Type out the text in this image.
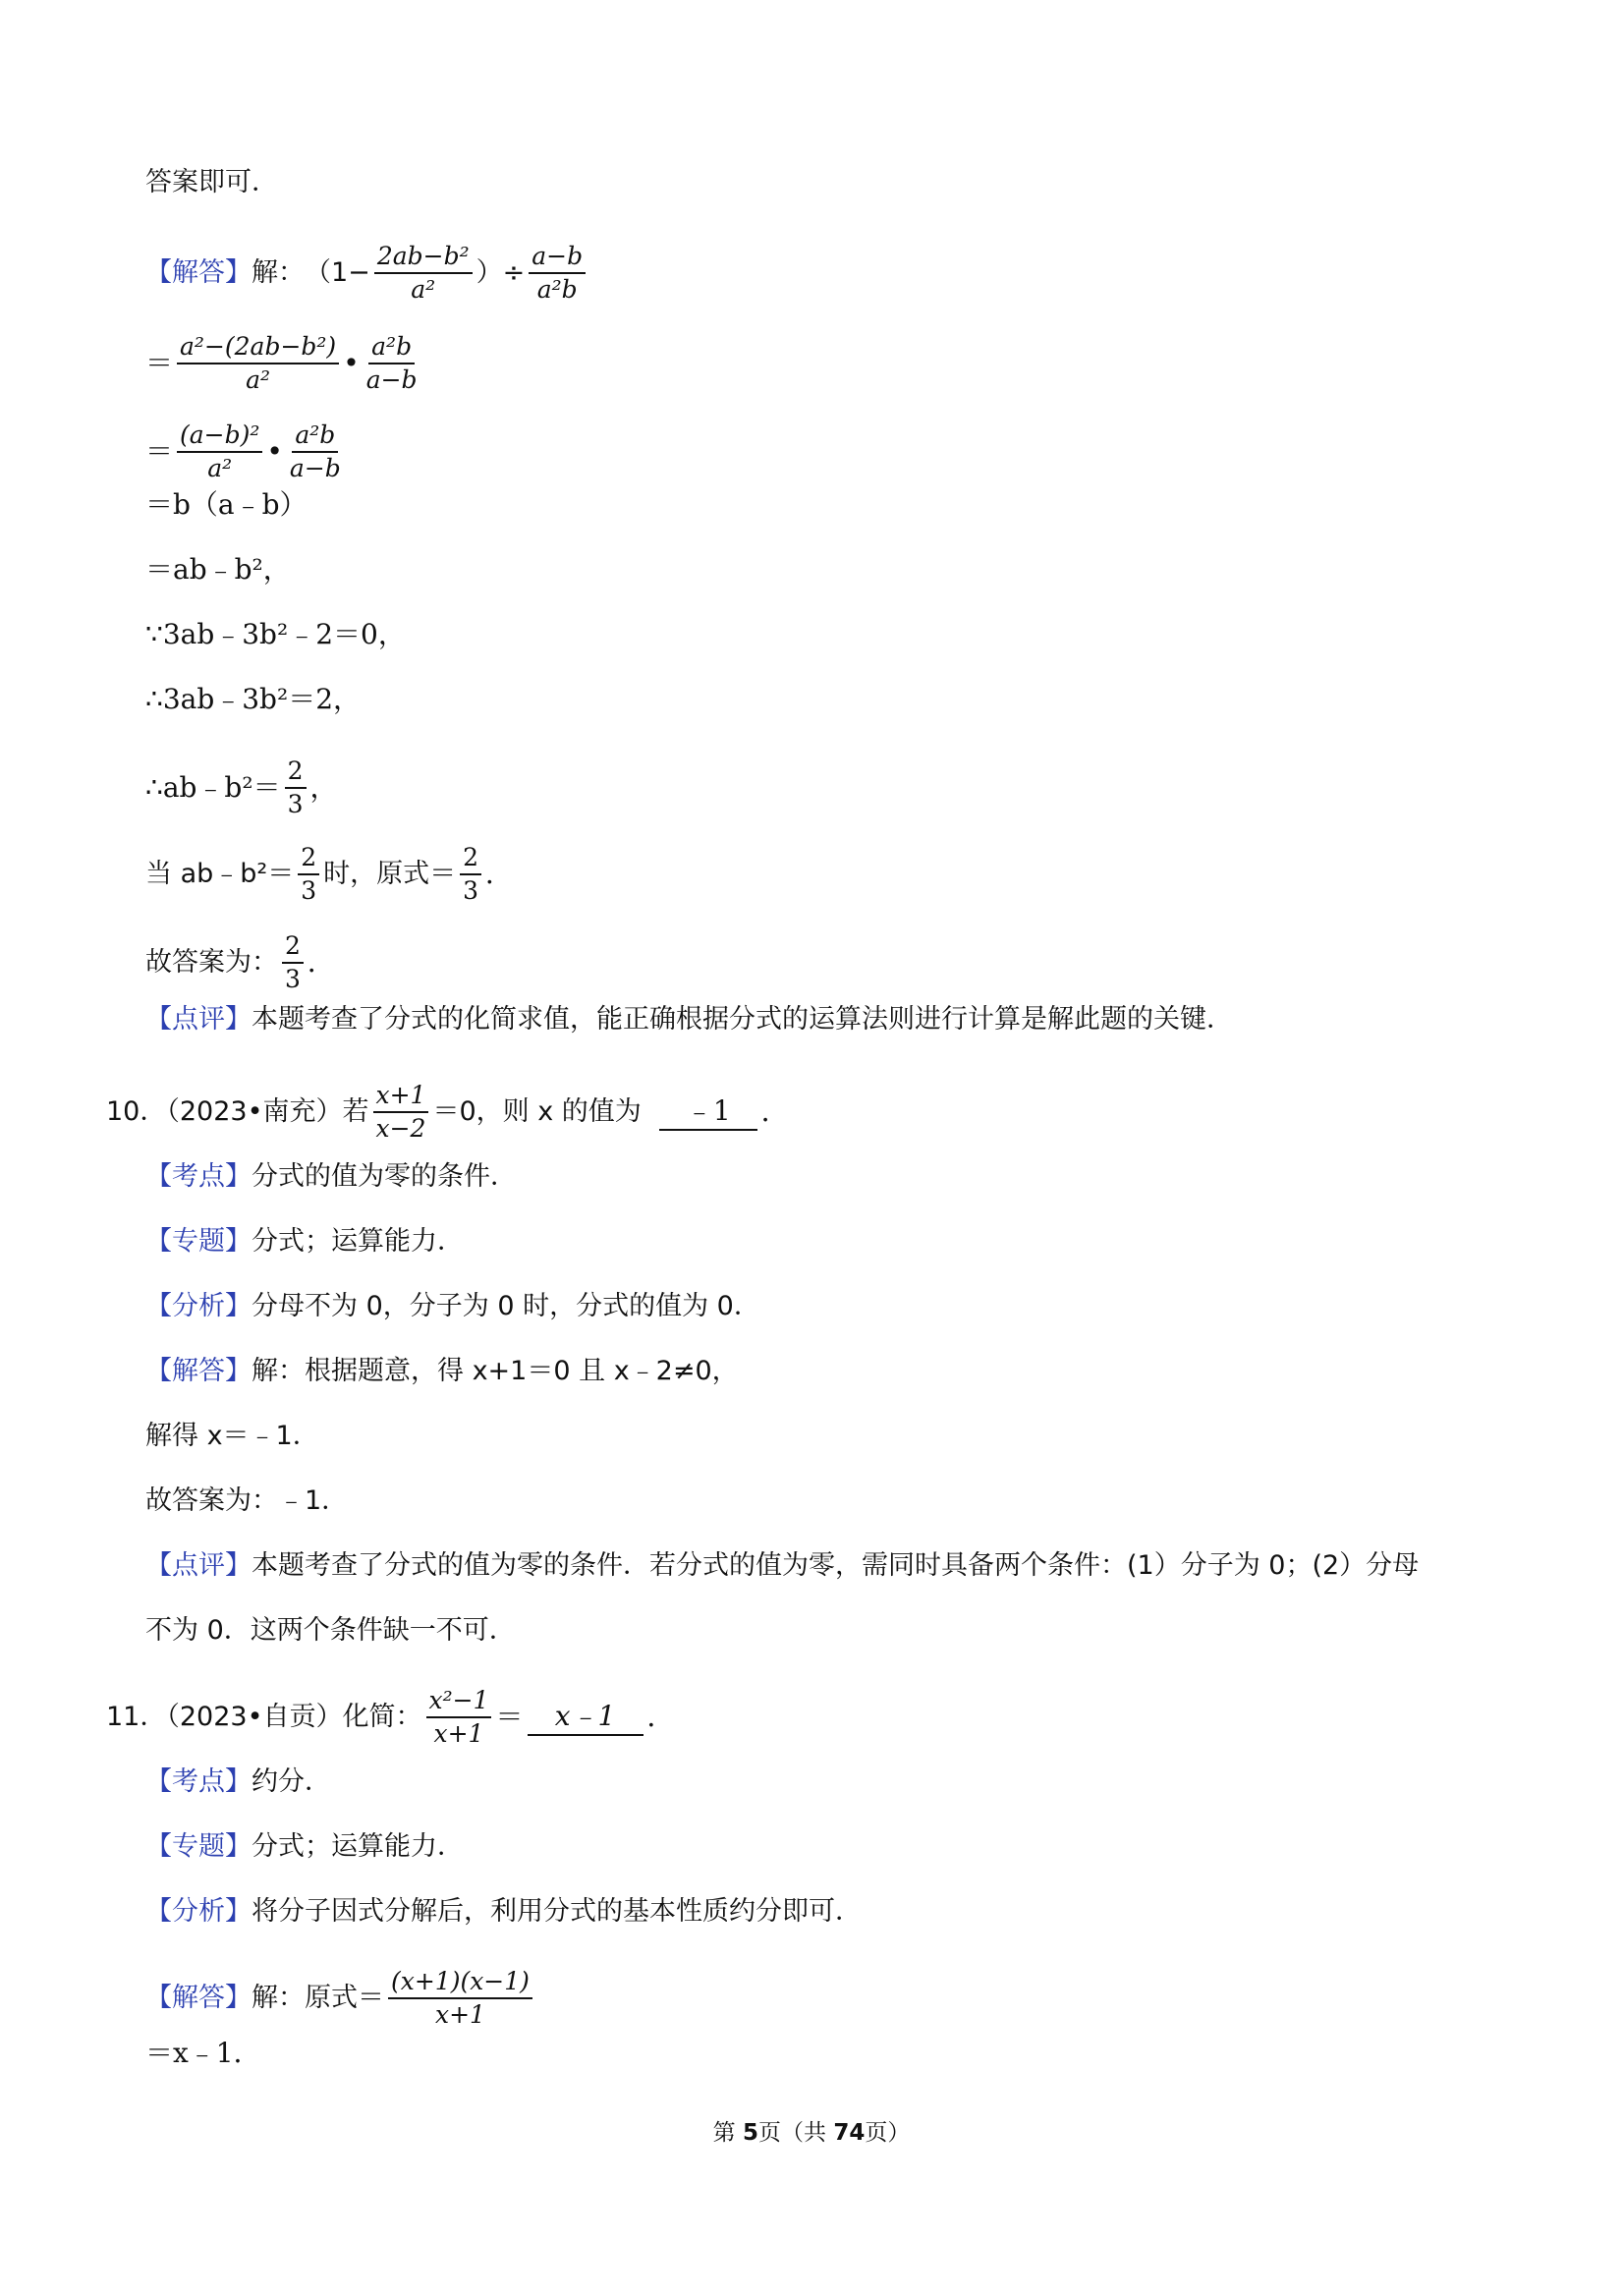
答案即可．
【解答】 解： （$1- \frac{\text{2ab−b²}}{\text{a²}}$ ）÷ $\frac{a-b}{\text{a²b}}$
＝ $\frac{\text{a²−(2ab−b²)}}{\text{a²}}$ • $\frac{\text{a²b}}{a-b}$
＝ $\frac{\text{(a−b)²}}{\text{a²}}$ • $\frac{\text{a²b}}{a-b}$
＝b（a﹣b）
＝ab﹣b²，
∵3ab﹣3b²﹣2＝0，
∴3ab﹣3b²＝2，
∴ab﹣b²＝ $\frac{2}{3}$ ，
当 ab﹣b²＝ $\frac{2}{3}$ 时，原式＝ $\frac{2}{3}$ ．
故答案为： $\frac{2}{3}$ ．
【点评】 本题考查了分式的化简求值，能正确根据分式的运算法则进行计算是解此题的关键．
10．（2023•南充）若 $\frac{x+1}{x-2} =0$，则 x 的值为	﹣1	．
【考点】 分式的值为零的条件．
【专题】 分式；运算能力．
【分析】 分母不为 0，分子为 0 时，分式的值为 0．
【解答】 解：根据题意，得 x+1＝0 且 x﹣2≠0，
解得 x＝﹣1．
故答案为：﹣1．
【点评】 本题考查了分式的值为零的条件．若分式的值为零，需同时具备两个条件：(1）分子为 0；(2）分母
不为 0．这两个条件缺一不可．
11．（2023•自贡）化简： $\frac{\text{x²−1}}{x+1}$ ＝	x﹣1	．
【考点】 约分．
【专题】 分式；运算能力．
【分析】 将分子因式分解后，利用分式的基本性质约分即可．
【解答】 解：原式＝ $\frac{(x+1)(x-1)}{x+1}$
＝x﹣1．
第 5页（共 74页）
